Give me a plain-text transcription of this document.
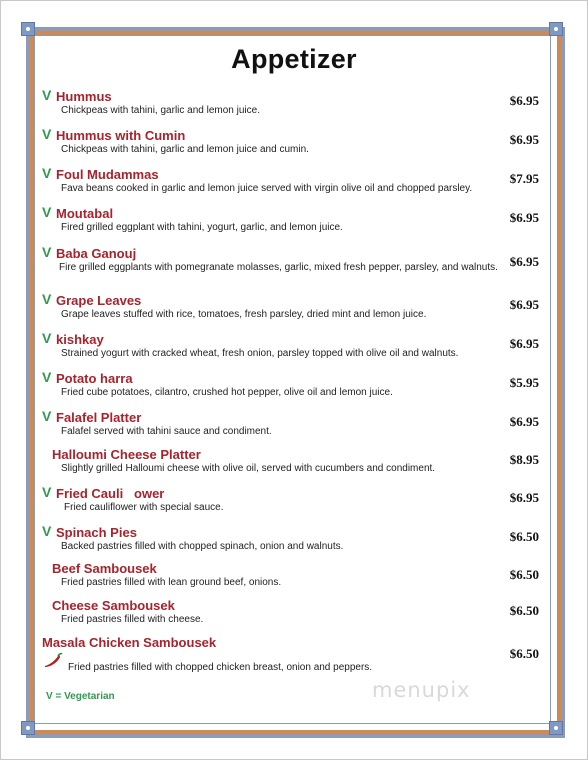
Appetizer
V Hummus
Chickpeas with tahini, garlic and lemon juice.
$6.95
V Hummus with Cumin
Chickpeas with tahini, garlic and lemon juice and cumin.
$6.95
V Foul Mudammas
Fava beans cooked in garlic and lemon juice served with virgin olive oil and chopped parsley.
$7.95
V Moutabal
Fired grilled eggplant with tahini, yogurt, garlic, and lemon juice.
$6.95
V Baba Ganouj
Fire grilled eggplants with pomegranate molasses, garlic, mixed fresh pepper, parsley, and walnuts. $6.95
V Grape Leaves
Grape leaves stuffed with rice, tomatoes, fresh parsley, dried mint and lemon juice.
$6.95
V kishkay
Strained yogurt with cracked wheat, fresh onion, parsley topped with olive oil and walnuts.
$6.95
V Potato harra
Fried cube potatoes, cilantro, crushed hot pepper, olive oil and lemon juice.
$5.95
V Falafel Platter
Falafel served with tahini sauce and condiment.
$6.95
Halloumi Cheese Platter
Slightly grilled Halloumi cheese with olive oil, served with cucumbers and condiment.
$8.95
V Fried Cauli   ower
Fried cauliflower with special sauce.
$6.95
V Spinach Pies
Backed pastries filled with chopped spinach, onion and walnuts.
$6.50
Beef Sambousek
Fried pastries filled with lean ground beef, onions.
$6.50
Cheese Sambousek
Fried pastries filled with cheese.
$6.50
Masala Chicken Sambousek
Fried pastries filled with chopped chicken breast, onion and peppers.
$6.50
V = Vegetarian	menupix
